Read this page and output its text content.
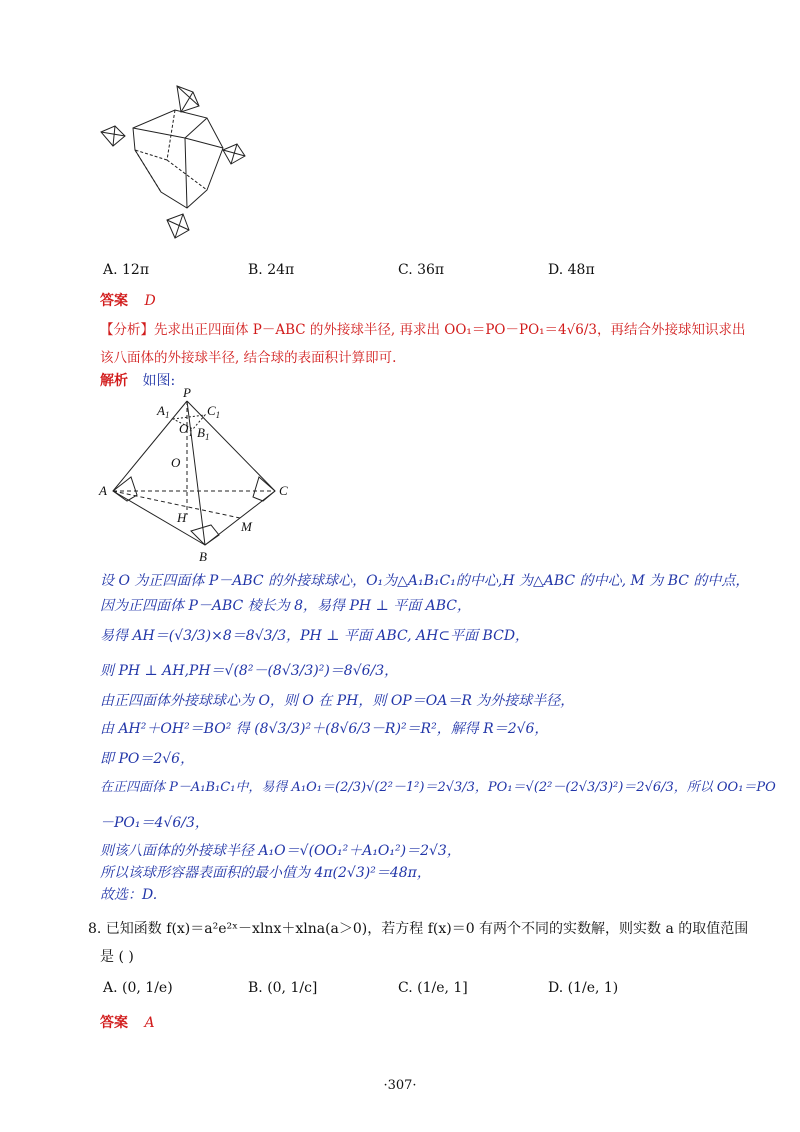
A. 12π	B. 24π	C. 36π	D. 48π
答案 D
【分析】先求出正四面体 P－ABC 的外接球半径, 再求出 OO₁＝PO－PO₁＝4√6/3，再结合外接球知识求出
该八面体的外接球半径, 结合球的表面积计算即可.
解析 如图:
P
$A_1$	$C_1$
$O_1$ $B_1$
O
A	C
H
M
B
设 O 为正四面体 P－ABC 的外接球球心，O₁为△A₁B₁C₁的中心,H 为△ABC 的中心, M 为 BC 的中点，
因为正四面体 P－ABC 棱长为 8，易得 PH ⊥ 平面 ABC，
易得 AH＝(√3/3)×8＝8√3/3，PH ⊥ 平面 ABC, AH⊂平面 BCD，
则 PH ⊥ AH,PH＝√(8²－(8√3/3)²)＝8√6/3，
由正四面体外接球球心为 O，则 O 在 PH，则 OP＝OA＝R 为外接球半径，
由 AH²＋OH²＝BO² 得 (8√3/3)²＋(8√6/3－R)²＝R²，解得 R＝2√6，
即 PO＝2√6，
在正四面体 P－A₁B₁C₁中，易得 A₁O₁＝(2/3)√(2²－1²)＝2√3/3，PO₁＝√(2²－(2√3/3)²)＝2√6/3，所以 OO₁＝PO
－PO₁＝4√6/3，
则该八面体的外接球半径 A₁O＝√(OO₁²＋A₁O₁²)＝2√3，
所以该球形容器表面积的最小值为 4π(2√3)²＝48π，
故选：D.
8. 已知函数 f(x)＝a²e²ˣ－xlnx＋xlna(a＞0)，若方程 f(x)＝0 有两个不同的实数解，则实数 a 的取值范围
是 ( )
A. (0, 1/e)	B. (0, 1/c]	C. (1/e, 1]	D. (1/e, 1)
答案 A
·307·
